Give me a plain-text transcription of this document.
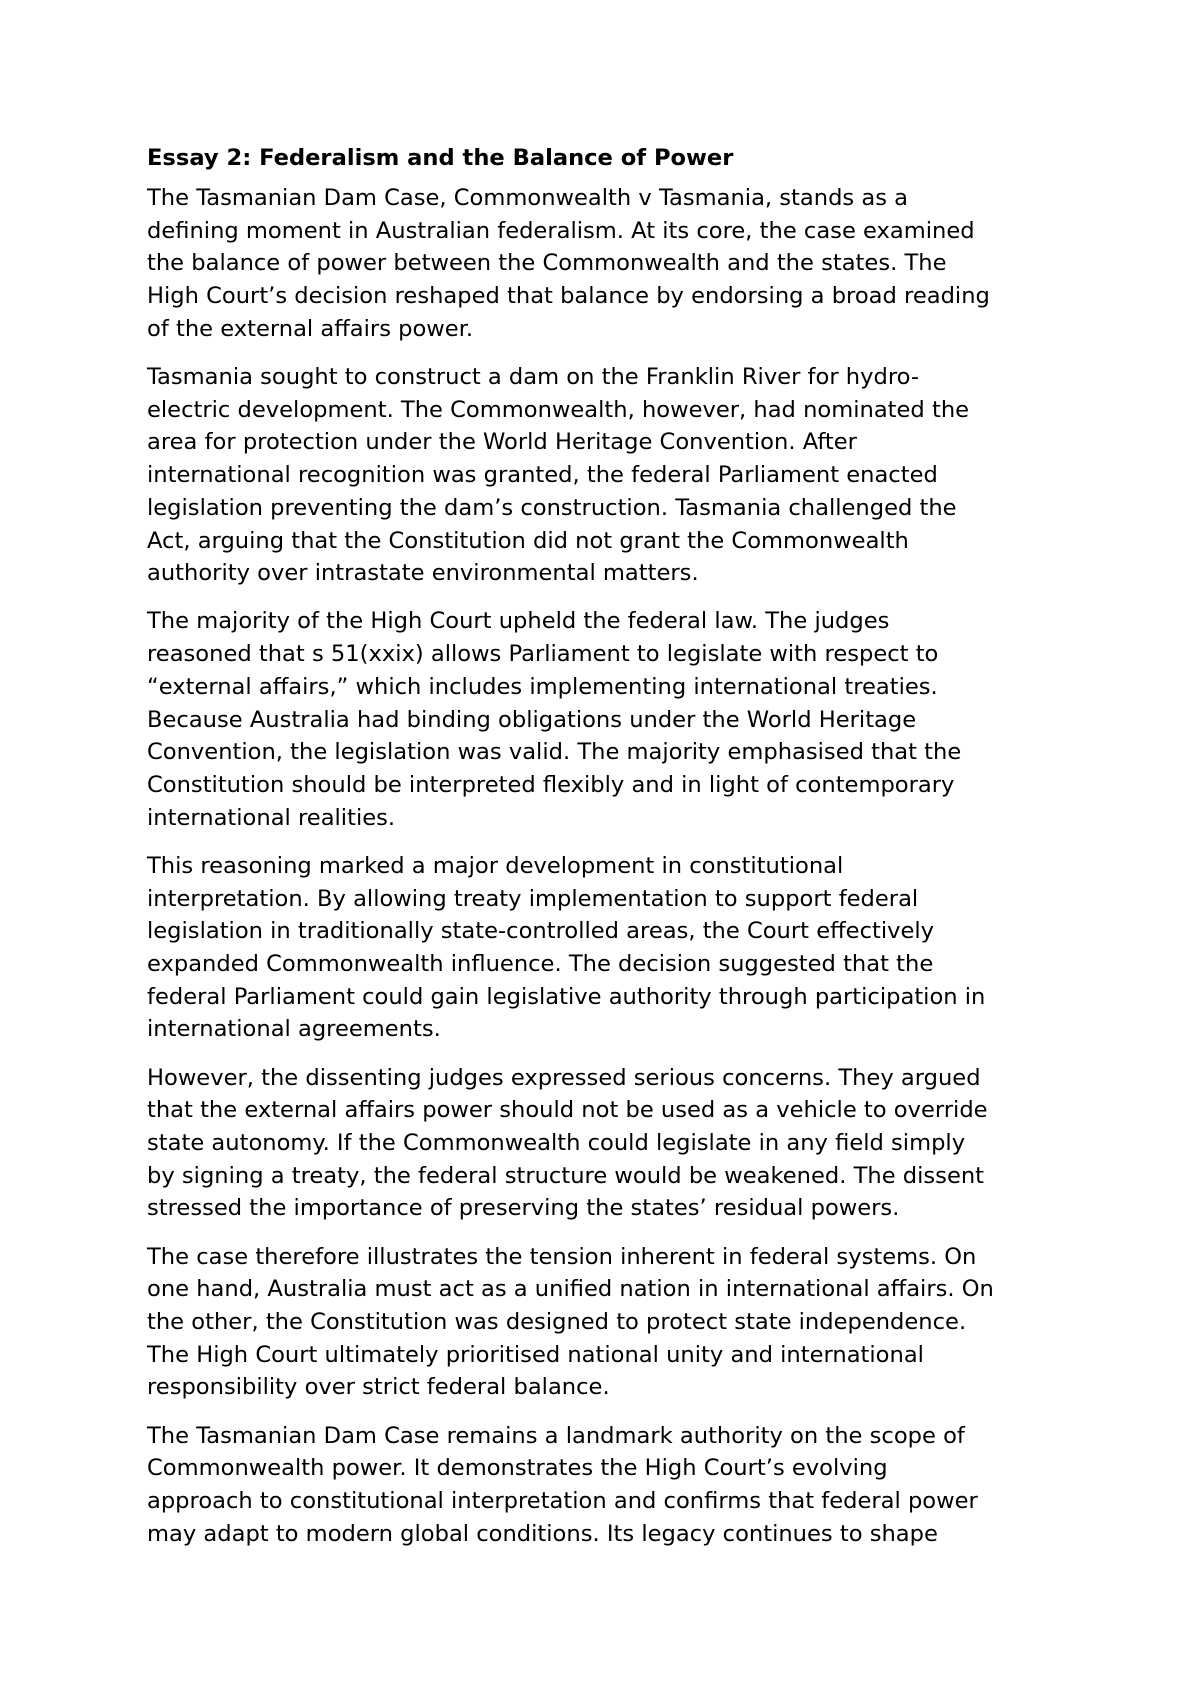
Essay 2: Federalism and the Balance of Power

The Tasmanian Dam Case, Commonwealth v Tasmania, stands as a
defining moment in Australian federalism. At its core, the case examined
the balance of power between the Commonwealth and the states. The
High Court’s decision reshaped that balance by endorsing a broad reading
of the external affairs power.

Tasmania sought to construct a dam on the Franklin River for hydro-
electric development. The Commonwealth, however, had nominated the
area for protection under the World Heritage Convention. After
international recognition was granted, the federal Parliament enacted
legislation preventing the dam’s construction. Tasmania challenged the
Act, arguing that the Constitution did not grant the Commonwealth
authority over intrastate environmental matters.

The majority of the High Court upheld the federal law. The judges
reasoned that s 51(xxix) allows Parliament to legislate with respect to
“external affairs,” which includes implementing international treaties.
Because Australia had binding obligations under the World Heritage
Convention, the legislation was valid. The majority emphasised that the
Constitution should be interpreted flexibly and in light of contemporary
international realities.

This reasoning marked a major development in constitutional
interpretation. By allowing treaty implementation to support federal
legislation in traditionally state-controlled areas, the Court effectively
expanded Commonwealth influence. The decision suggested that the
federal Parliament could gain legislative authority through participation in
international agreements.

However, the dissenting judges expressed serious concerns. They argued
that the external affairs power should not be used as a vehicle to override
state autonomy. If the Commonwealth could legislate in any field simply
by signing a treaty, the federal structure would be weakened. The dissent
stressed the importance of preserving the states’ residual powers.

The case therefore illustrates the tension inherent in federal systems. On
one hand, Australia must act as a unified nation in international affairs. On
the other, the Constitution was designed to protect state independence.
The High Court ultimately prioritised national unity and international
responsibility over strict federal balance.

The Tasmanian Dam Case remains a landmark authority on the scope of
Commonwealth power. It demonstrates the High Court’s evolving
approach to constitutional interpretation and confirms that federal power
may adapt to modern global conditions. Its legacy continues to shape
